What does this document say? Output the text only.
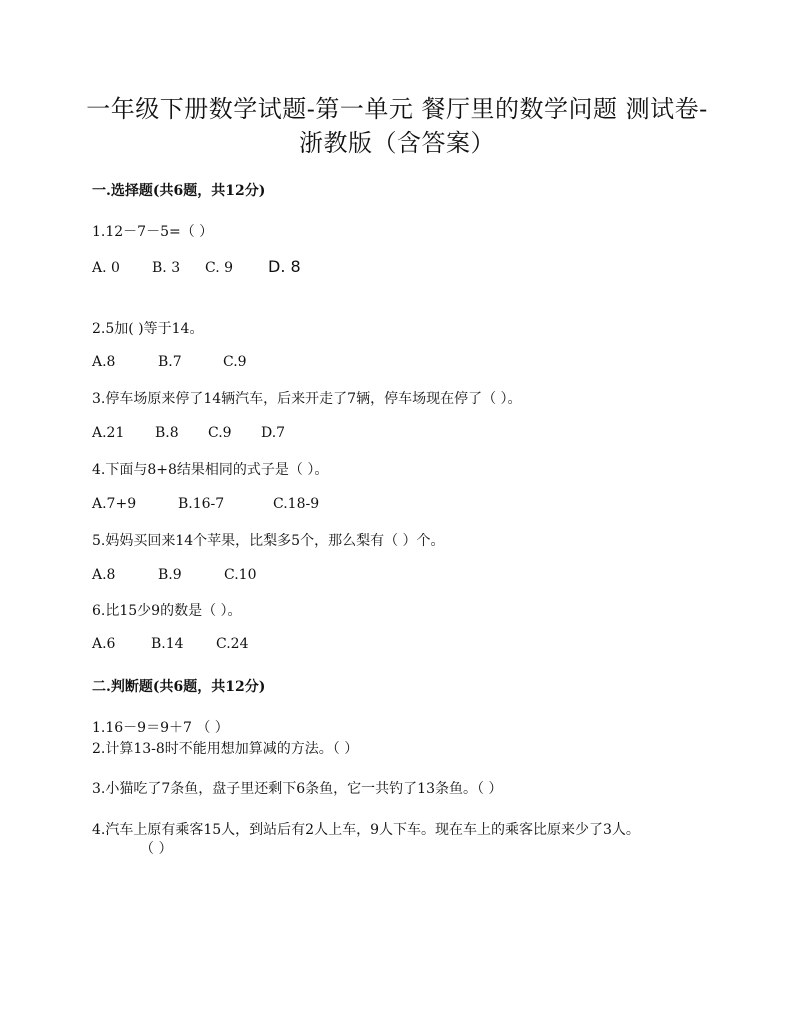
一年级下册数学试题-第一单元 餐厅里的数学问题 测试卷-
浙教版（含答案）
一.选择题(共6题，共12分)
1.12－7－5=（ ）
A. 0 B. 3 C. 9 D. 8
2.5加( )等于14。
A.8	B.7	C.9
3.停车场原来停了14辆汽车，后来开走了7辆，停车场现在停了（ ）。
A.21 B.8 C.9 D.7
4.下面与8+8结果相同的式子是（ ）。
A.7+9	B.16-7	C.18-9
5.妈妈买回来14个苹果，比梨多5个，那么梨有（ ）个。
A.8	B.9	C.10
6.比15少9的数是（ ）。
A.6	B.14 C.24
二.判断题(共6题，共12分)
1.16－9＝9＋7 （ ）
2.计算13-8时不能用想加算减的方法。（ ）
3.小猫吃了7条鱼，盘子里还剩下6条鱼，它一共钓了13条鱼。（ ）
4.汽车上原有乘客15人，到站后有2人上车，9人下车。现在车上的乘客比原来少了3人。
（ ）
